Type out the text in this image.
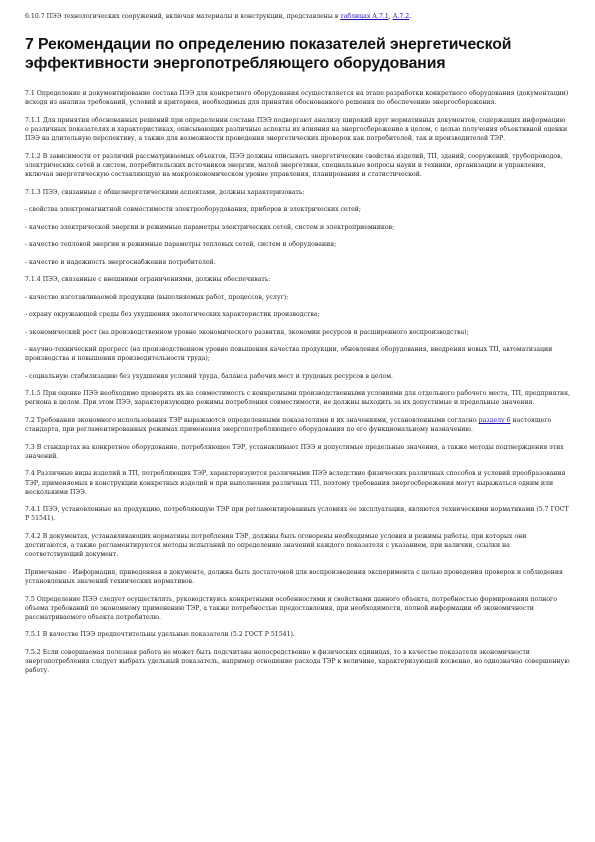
6.10.7 ПЭЭ технологических сооружений, включая материалы и конструкции, представлены в таблицах А.7.1, А.7.2.
7 Рекомендации по определению показателей энергетической эффективности энергопотребляющего оборудования

7.1 Определение и документирование состава ПЭЭ для конкретного оборудования осуществляется на этапе разработки конкретного оборудования (документации) исходя из анализа требований, условий и критериев, необходимых для принятия обоснованного решения по обеспечению энергосбережения.

7.1.1 Для принятия обоснованных решений при определении состава ПЭЭ подвергают анализу широкий круг нормативных документов, содержащих информацию о различных показателях и характеристиках, описывающих различные аспекты их влияния на энергосбережение в целом, с целью получения объективной оценки ПЭЭ на длительную перспективу, а также для возможности проведения энергетических проверок как потребителей, так и производителей ТЭР.

7.1.2 В зависимости от различий рассматриваемых объектов, ПЭЭ должны описывать энергетические свойства изделий, ТП, зданий, сооружений, трубопроводов, электрических сетей и систем, потребительских источников энергии, малой энергетики, специальные вопросы науки и техники, организации и управления, включая энергетическую составляющую на макроэкономическом уровне управления, планирования и статистической.

7.1.3 ПЭЭ, связанные с общеэнергетическими аспектами, должны характеризовать:

- свойства электромагнитной совместимости электрооборудования, приборов и электрических сетей;

- качество электрической энергии и режимные параметры электрических сетей, систем и электроприемников;

- качество тепловой энергии и режимные параметры тепловых сетей, систем и оборудования;

- качество и надежность энергоснабжения потребителей.

7.1.4 ПЭЭ, связанные с внешними ограничениями, должны обеспечивать:

- качество изготавливаемой продукции (выполняемых работ, процессов, услуг);

- охрану окружающей среды без ухудшения экологических характеристик производства;

- экономический рост (на производственном уровне экономического развития, экономии ресурсов и расширенного воспроизводства);

- научно-технический прогресс (на производственном уровне повышения качества продукции, обновления оборудования, внедрения новых ТП, автоматизации производства и повышения производительности труда);

- социальную стабилизацию без ухудшения условий труда, баланса рабочих мест и трудовых ресурсов в целом.

7.1.5 При оценке ПЭЭ необходимо проверять их на совместимость с конкретными производственными условиями для отдельного рабочего места, ТП, предприятия, региона в целом. При этом ПЭЭ, характеризующие режимы потребления совместимости, не должны выходить за их допустимые и предельные значения.

7.2 Требования экономного использования ТЭР выражаются определенными показателями и их значениями, установленными согласно разделу 6 настоящего стандарта, при регламентированных режимах применения энергопотребляющего оборудования по его функциональному назначению.

7.3 В стандартах на конкретное оборудование, потребляющее ТЭР, устанавливают ПЭЭ и допустимые предельные значения, а также методы подтверждения этих значений.

7.4 Различные виды изделий и ТП, потребляющих ТЭР, характеризуются различными ПЭЭ вследствие физических различных способов и условий преобразования ТЭР, применяемых в конструкции конкретных изделий и при выполнении различных ТП, поэтому требования энергосбережения могут выражаться одним или несколькими ПЭЭ.

7.4.1 ПЭЭ, установленные на продукцию, потребляющую ТЭР при регламентированных условиях ее эксплуатации, являются техническими нормативами (5.7 ГОСТ Р 51541).

7.4.2 В документах, устанавливающих нормативы потребления ТЭР, должны быть оговорены необходимые условия и режимы работы, при которых они достигаются, а также регламентируются методы испытаний по определению значений каждого показателя с указанием, при наличии, ссылки на соответствующий документ.

Примечание - Информация, приведенная в документе, должна быть достаточной для воспроизведения эксперимента с целью проведения проверок и соблюдения установленных значений технических нормативов.

7.5 Определение ПЭЭ следует осуществлять, руководствуясь конкретными особенностями и свойствами данного объекта, потребностью формирования полного объема требований по экономному применению ТЭР, а также потребностью предоставления, при необходимости, полной информации об экономичности рассматриваемого объекта потребителю.

7.5.1 В качестве ПЭЭ предпочтительны удельные показатели (5.2 ГОСТ Р 51541).

7.5.2 Если совершаемая полезная работа не может быть подсчитана непосредственно в физических единицах, то в качестве показателя экономичности энергопотребления следует выбрать удельный показатель, например отношение расхода ТЭР к величине, характеризующей косвенно, но однозначно совершенную работу.
